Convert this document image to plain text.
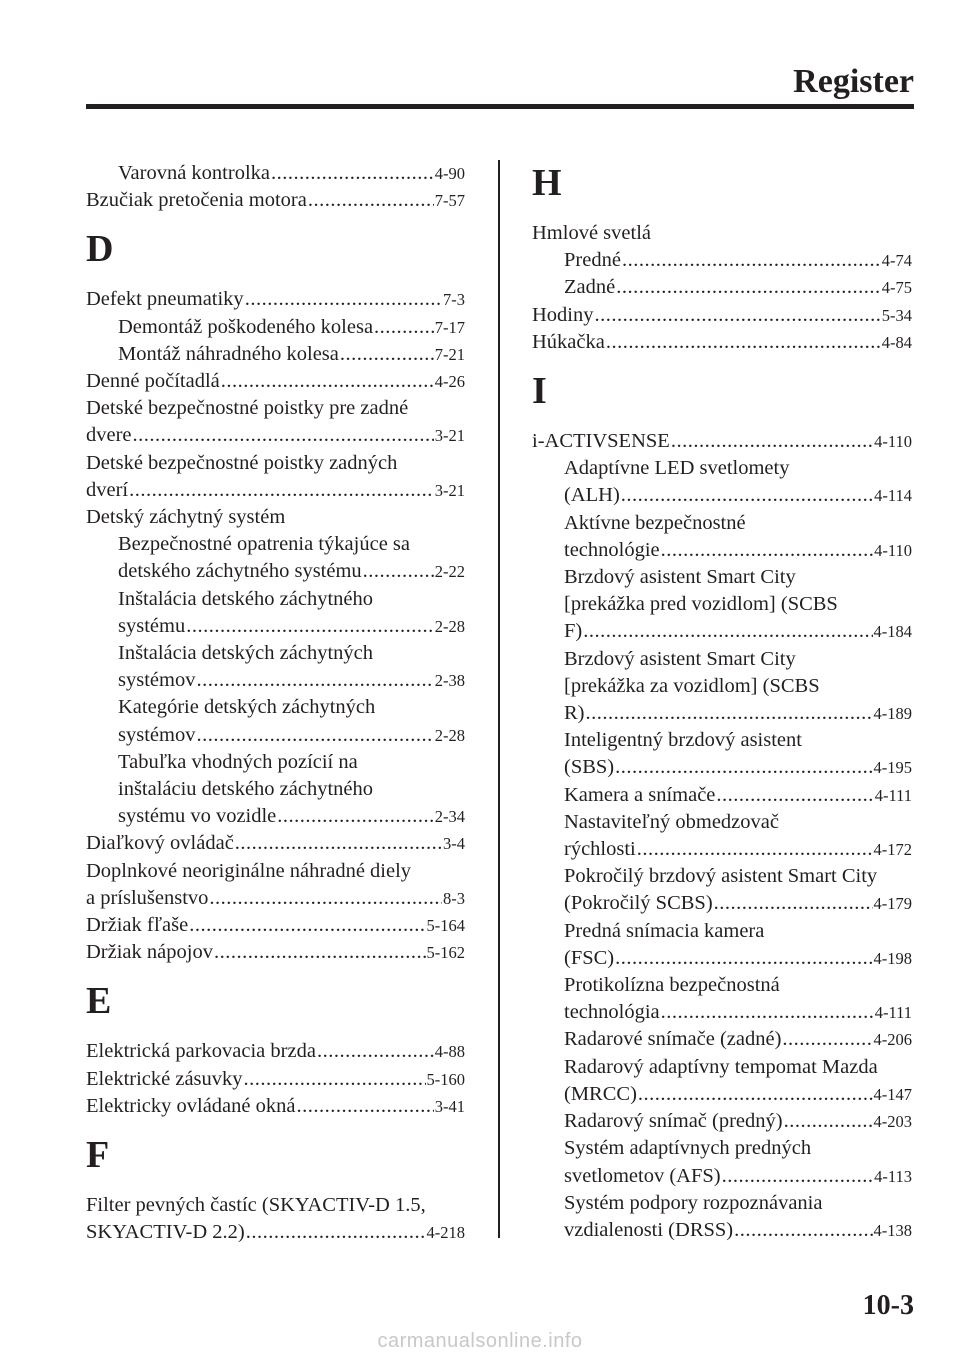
Register
Varovná kontrolka .....	4-90
Bzučiak pretočenia motora .....	7-57
D
Defekt pneumatiky .....	7-3
Demontáž poškodeného kolesa .....	7-17
Montáž náhradného kolesa .....	7-21
Denné počítadlá .....	4-26
Detské bezpečnostné poistky pre zadné
dvere .....	3-21
Detské bezpečnostné poistky zadných
dverí .....	3-21
Detský záchytný systém
Bezpečnostné opatrenia týkajúce sa
detského záchytného systému .....	2-22
Inštalácia detského záchytného
systému .....	2-28
Inštalácia detských záchytných
systémov .....	2-38
Kategórie detských záchytných
systémov .....	2-28
Tabuľka vhodných pozícií na
inštaláciu detského záchytného
systému vo vozidle .....	2-34
Diaľkový ovládač .....	3-4
Doplnkové neoriginálne náhradné diely
a príslušenstvo .....	8-3
Držiak fľaše .....	5-164
Držiak nápojov .....	5-162
E
Elektrická parkovacia brzda .....	4-88
Elektrické zásuvky .....	5-160
Elektricky ovládané okná .....	3-41
F
Filter pevných častíc (SKYACTIV-D 1.5,
SKYACTIV-D 2.2) .....	4-218
H
Hmlové svetlá
Predné .....	4-74
Zadné .....	4-75
Hodiny .....	5-34
Húkačka .....	4-84
I
i-ACTIVSENSE .....	4-110
Adaptívne LED svetlomety
(ALH) .....	4-114
Aktívne bezpečnostné
technológie .....	4-110
Brzdový asistent Smart City
[prekážka pred vozidlom] (SCBS
F) .....	4-184
Brzdový asistent Smart City
[prekážka za vozidlom] (SCBS
R) .....	4-189
Inteligentný brzdový asistent
(SBS) .....	4-195
Kamera a snímače .....	4-111
Nastaviteľný obmedzovač
rýchlosti .....	4-172
Pokročilý brzdový asistent Smart City
(Pokročilý SCBS) .....	4-179
Predná snímacia kamera
(FSC) .....	4-198
Protikolízna bezpečnostná
technológia .....	4-111
Radarové snímače (zadné) .....	4-206
Radarový adaptívny tempomat Mazda
(MRCC) .....	4-147
Radarový snímač (predný) .....	4-203
Systém adaptívnych predných
svetlometov (AFS) .....	4-113
Systém podpory rozpoznávania
vzdialenosti (DRSS) .....	4-138
10-3
carmanualsonline.info
